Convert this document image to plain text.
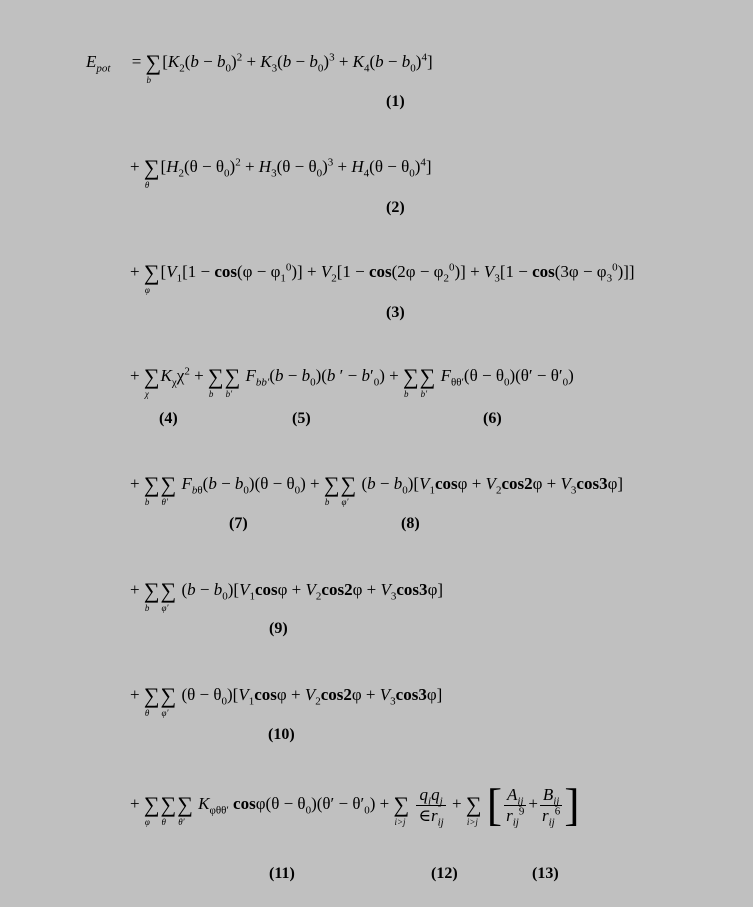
$E_{pot}$     = ∑
b
$[K_2(b - b_0)^2 + K_3(b - b_0)^3 + K_4(b - b_0)^4]$
(1)
+ ∑
θ
$[H_2(\theta - \theta_0)^2 + H_3(\theta - \theta_0)^3 + H_4(\theta - \theta_0)^4]$
(2)
+ ∑
φ
$[V_1[1 - \cos(\varphi - \varphi_1^0)] + V_2[1 - \cos(2\varphi - \varphi_2^0)] + V_3[1 - \cos(3\varphi - \varphi_3^0)]]$
(3)
+ ∑
χ
$K_\chi\chi^2$ + ∑
b
∑
b′
$F_{bb'}(b - b_0)(b$ ′ − $b'_0$) + ∑
b
∑
b′
$F_{\theta\theta'}(\theta - \theta_0)(\theta' - \theta'_0)$
(4)	(5)	(6)
+ ∑
b
∑
θ′
$F_{b\theta}(b - b_0)(\theta - \theta_0)$ + ∑
b
∑
φ′
$(b - b_0)[V_1\cos\varphi + V_2\cos 2\varphi + V_3\cos 3\varphi]$
(7)	(8)
+ ∑
b
∑
φ′
$(b - b_0)[V_1\cos\varphi + V_2\cos 2\varphi + V_3\cos 3\varphi]$
(9)
+ ∑
θ
∑
φ′
$(\theta - \theta_0)[V_1\cos\varphi + V_2\cos 2\varphi + V_3\cos 3\varphi]$
(10)
+ ∑
φ
∑
θ
∑
θ′
$K_{\varphi\theta\theta'}$ $\cos\varphi(\theta - \theta_0)(\theta' - \theta'_0)$ + ∑
i>j
$\frac{q_iq_j}{\in r_{ij}}$ + ∑
i>j [ $\frac{A_{ij}}{r_{ij}^9} + \frac{B_{ij}}{r_{ij}^6}$ ]
(11)	(12)	(13)
